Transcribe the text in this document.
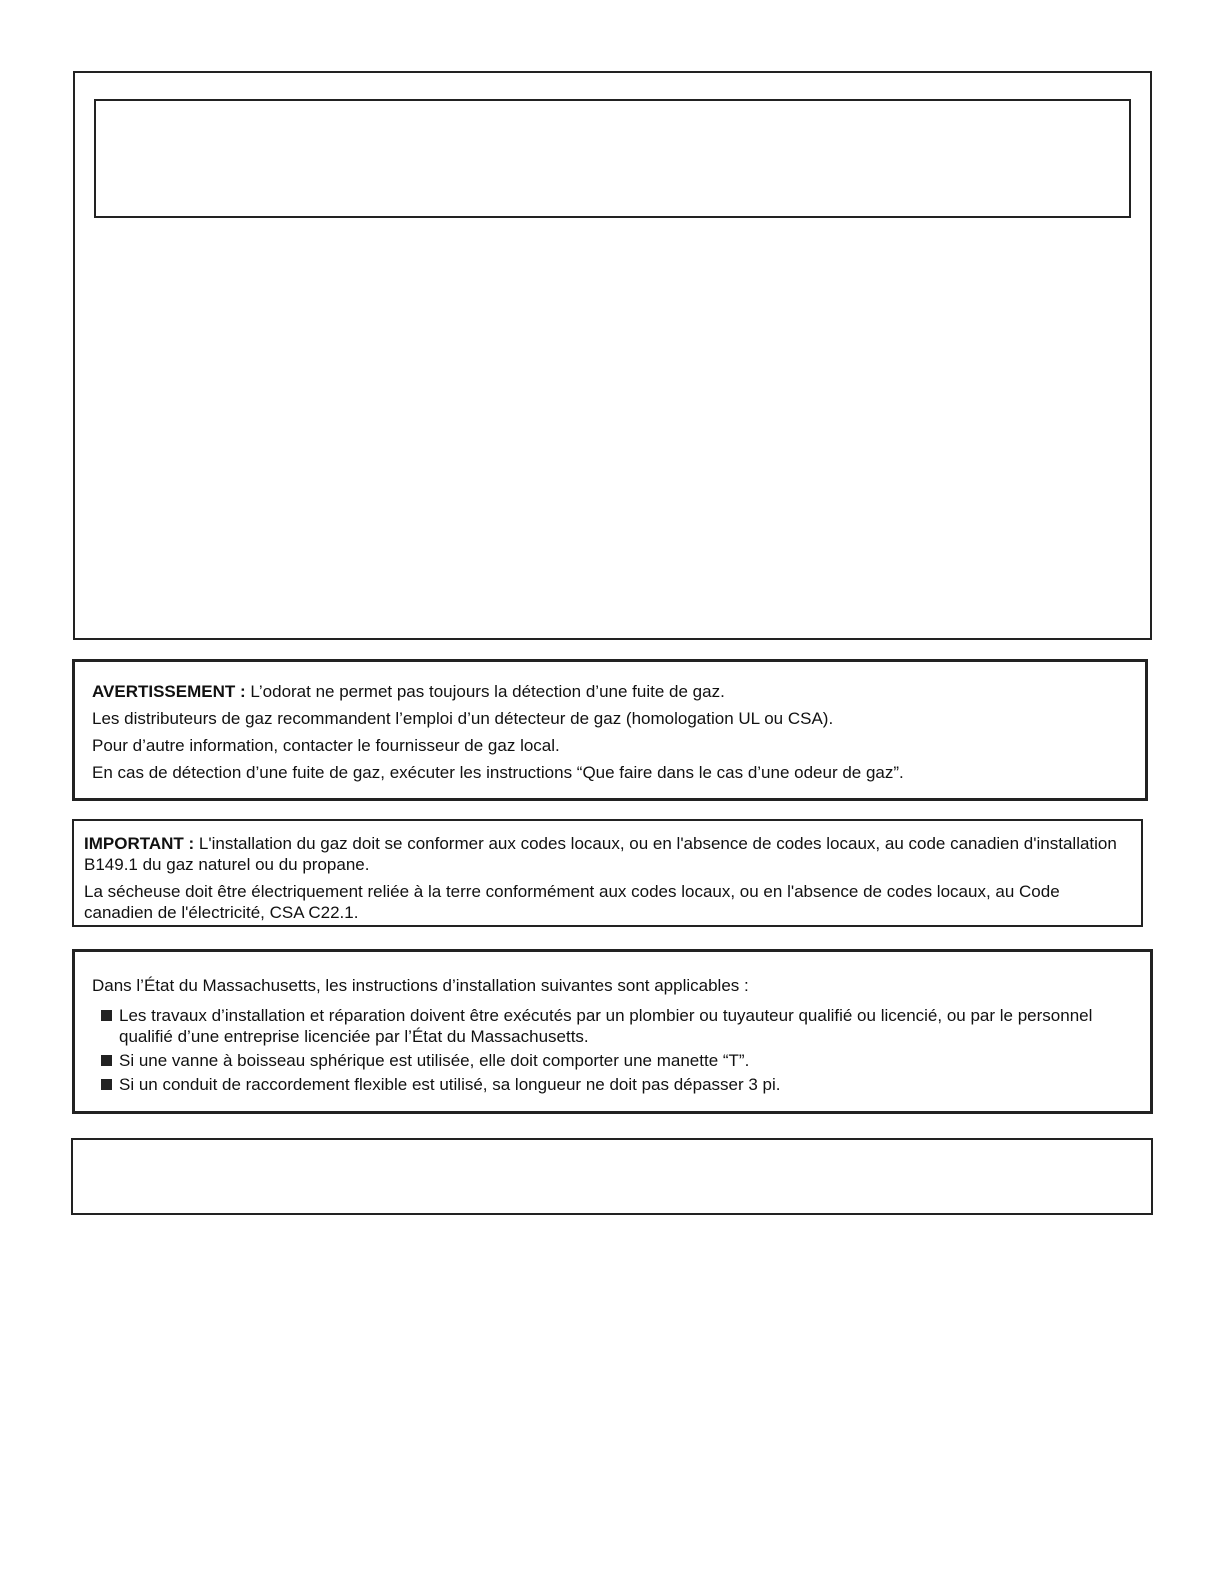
AVERTISSEMENT : L’odorat ne permet pas toujours la détection d’une fuite de gaz.

Les distributeurs de gaz recommandent l’emploi d’un détecteur de gaz (homologation UL ou CSA).

Pour d’autre information, contacter le fournisseur de gaz local.

En cas de détection d’une fuite de gaz, exécuter les instructions “Que faire dans le cas d’une odeur de gaz”.

IMPORTANT : L'installation du gaz doit se conformer aux codes locaux, ou en l'absence de codes locaux, au code canadien d'installation B149.1 du gaz naturel ou du propane.

La sécheuse doit être électriquement reliée à la terre conformément aux codes locaux, ou en l'absence de codes locaux, au Code canadien de l'électricité, CSA C22.1.

Dans l’État du Massachusetts, les instructions d’installation suivantes sont applicables :

Les travaux d’installation et réparation doivent être exécutés par un plombier ou tuyauteur qualifié ou licencié, ou par le personnel qualifié d’une entreprise licenciée par l’État du Massachusetts.
Si une vanne à boisseau sphérique est utilisée, elle doit comporter une manette “T”.
Si un conduit de raccordement flexible est utilisé, sa longueur ne doit pas dépasser 3 pi.
